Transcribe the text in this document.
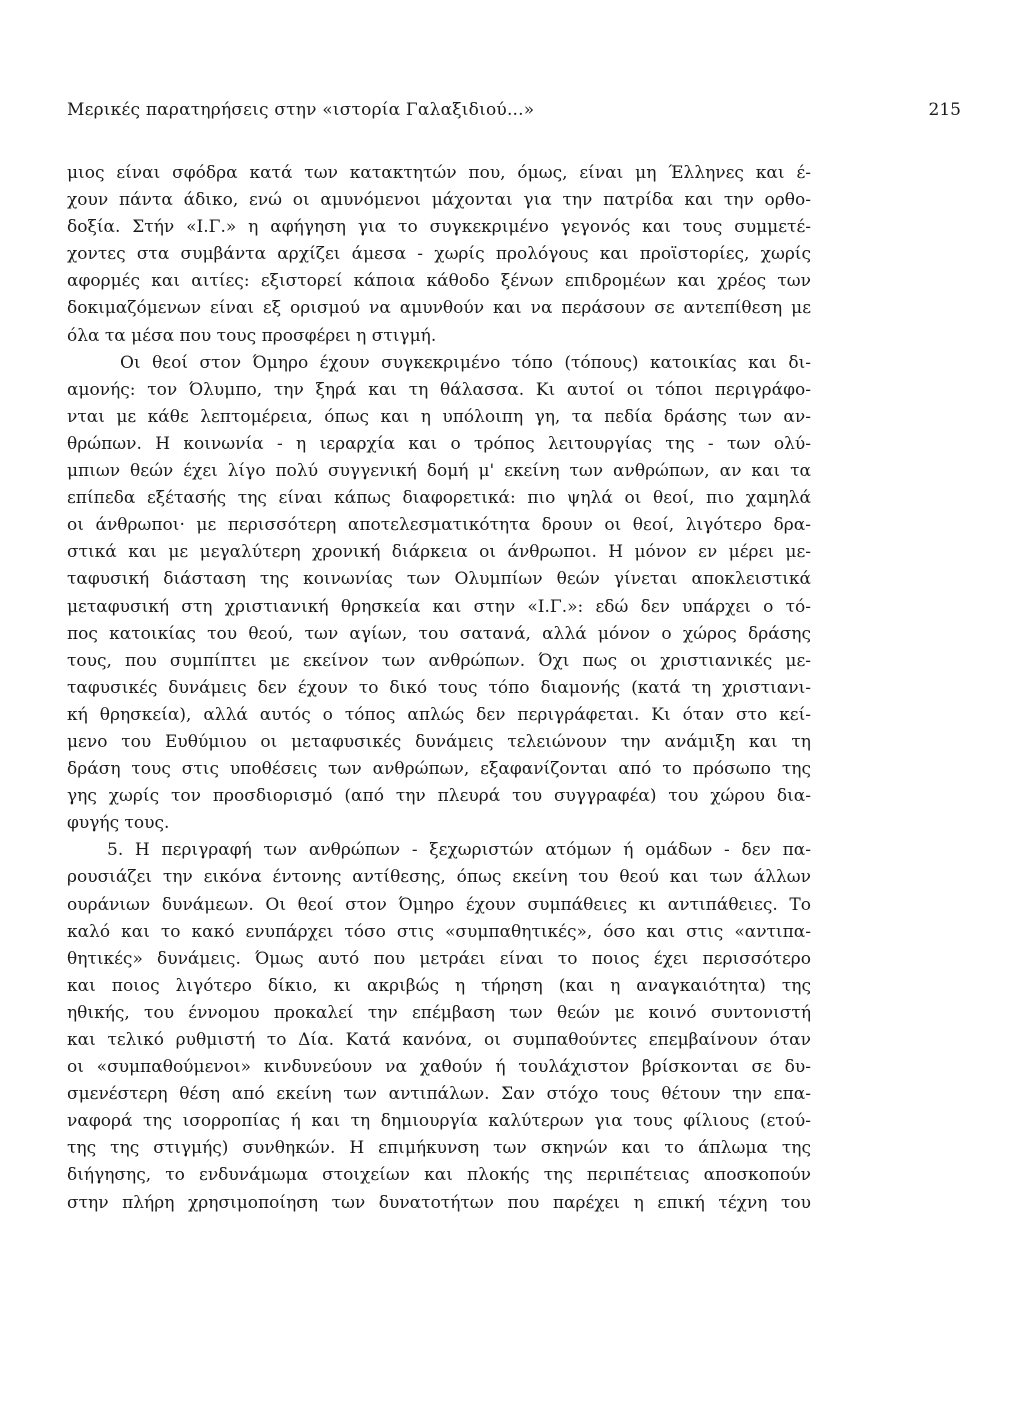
Μερικές παρατηρήσεις στην «ιστορία Γαλαξιδιού...»	215
μιος είναι σφόδρα κατά των κατακτητών που, όμως, είναι μη Έλληνες και έ-
χουν πάντα άδικο, ενώ οι αμυνόμενοι μάχονται για την πατρίδα και την ορθο-
δοξία. Στήν «Ι.Γ.» η αφήγηση για το συγκεκριμένο γεγονός και τους συμμετέ-
χοντες στα συμβάντα αρχίζει άμεσα - χωρίς προλόγους και προϊστορίες, χωρίς
αφορμές και αιτίες: εξιστορεί κάποια κάθοδο ξένων επιδρομέων και χρέος των
δοκιμαζόμενων είναι εξ ορισμού να αμυνθούν και να περάσουν σε αντεπίθεση με
όλα τα μέσα που τους προσφέρει η στιγμή.
Οι θεοί στον Όμηρο έχουν συγκεκριμένο τόπο (τόπους) κατοικίας και δι-
αμονής: τον Όλυμπο, την ξηρά και τη θάλασσα. Κι αυτοί οι τόποι περιγράφο-
νται με κάθε λεπτομέρεια, όπως και η υπόλοιπη γη, τα πεδία δράσης των αν-
θρώπων. Η κοινωνία - η ιεραρχία και ο τρόπος λειτουργίας της - των ολύ-
μπιων θεών έχει λίγο πολύ συγγενική δομή μ' εκείνη των ανθρώπων, αν και τα
επίπεδα εξέτασής της είναι κάπως διαφορετικά: πιο ψηλά οι θεοί, πιο χαμηλά
οι άνθρωποι· με περισσότερη αποτελεσματικότητα δρουν οι θεοί, λιγότερο δρα-
στικά και με μεγαλύτερη χρονική διάρκεια οι άνθρωποι. Η μόνον εν μέρει με-
ταφυσική διάσταση της κοινωνίας των Ολυμπίων θεών γίνεται αποκλειστικά
μεταφυσική στη χριστιανική θρησκεία και στην «Ι.Γ.»: εδώ δεν υπάρχει ο τό-
πος κατοικίας του θεού, των αγίων, του σατανά, αλλά μόνον ο χώρος δράσης
τους, που συμπίπτει με εκείνον των ανθρώπων. Όχι πως οι χριστιανικές με-
ταφυσικές δυνάμεις δεν έχουν το δικό τους τόπο διαμονής (κατά τη χριστιανι-
κή θρησκεία), αλλά αυτός ο τόπος απλώς δεν περιγράφεται. Κι όταν στο κεί-
μενο του Ευθύμιου οι μεταφυσικές δυνάμεις τελειώνουν την ανάμιξη και τη
δράση τους στις υποθέσεις των ανθρώπων, εξαφανίζονται από το πρόσωπο της
γης χωρίς τον προσδιορισμό (από την πλευρά του συγγραφέα) του χώρου δια-
φυγής τους.
5. Η περιγραφή των ανθρώπων - ξεχωριστών ατόμων ή ομάδων - δεν πα-
ρουσιάζει την εικόνα έντονης αντίθεσης, όπως εκείνη του θεού και των άλλων
ουράνιων δυνάμεων. Οι θεοί στον Όμηρο έχουν συμπάθειες κι αντιπάθειες. Το
καλό και το κακό ενυπάρχει τόσο στις «συμπαθητικές», όσο και στις «αντιπα-
θητικές» δυνάμεις. Όμως αυτό που μετράει είναι το ποιος έχει περισσότερο
και ποιος λιγότερο δίκιο, κι ακριβώς η τήρηση (και η αναγκαιότητα) της
ηθικής, του έννομου προκαλεί την επέμβαση των θεών με κοινό συντονιστή
και τελικό ρυθμιστή το Δία. Κατά κανόνα, οι συμπαθούντες επεμβαίνουν όταν
οι «συμπαθούμενοι» κινδυνεύουν να χαθούν ή τουλάχιστον βρίσκονται σε δυ-
σμενέστερη θέση από εκείνη των αντιπάλων. Σαν στόχο τους θέτουν την επα-
ναφορά της ισορροπίας ή και τη δημιουργία καλύτερων για τους φίλιους (ετού-
της της στιγμής) συνθηκών. Η επιμήκυνση των σκηνών και το άπλωμα της
διήγησης, το ενδυνάμωμα στοιχείων και πλοκής της περιπέτειας αποσκοπούν
στην πλήρη χρησιμοποίηση των δυνατοτήτων που παρέχει η επική τέχνη του
